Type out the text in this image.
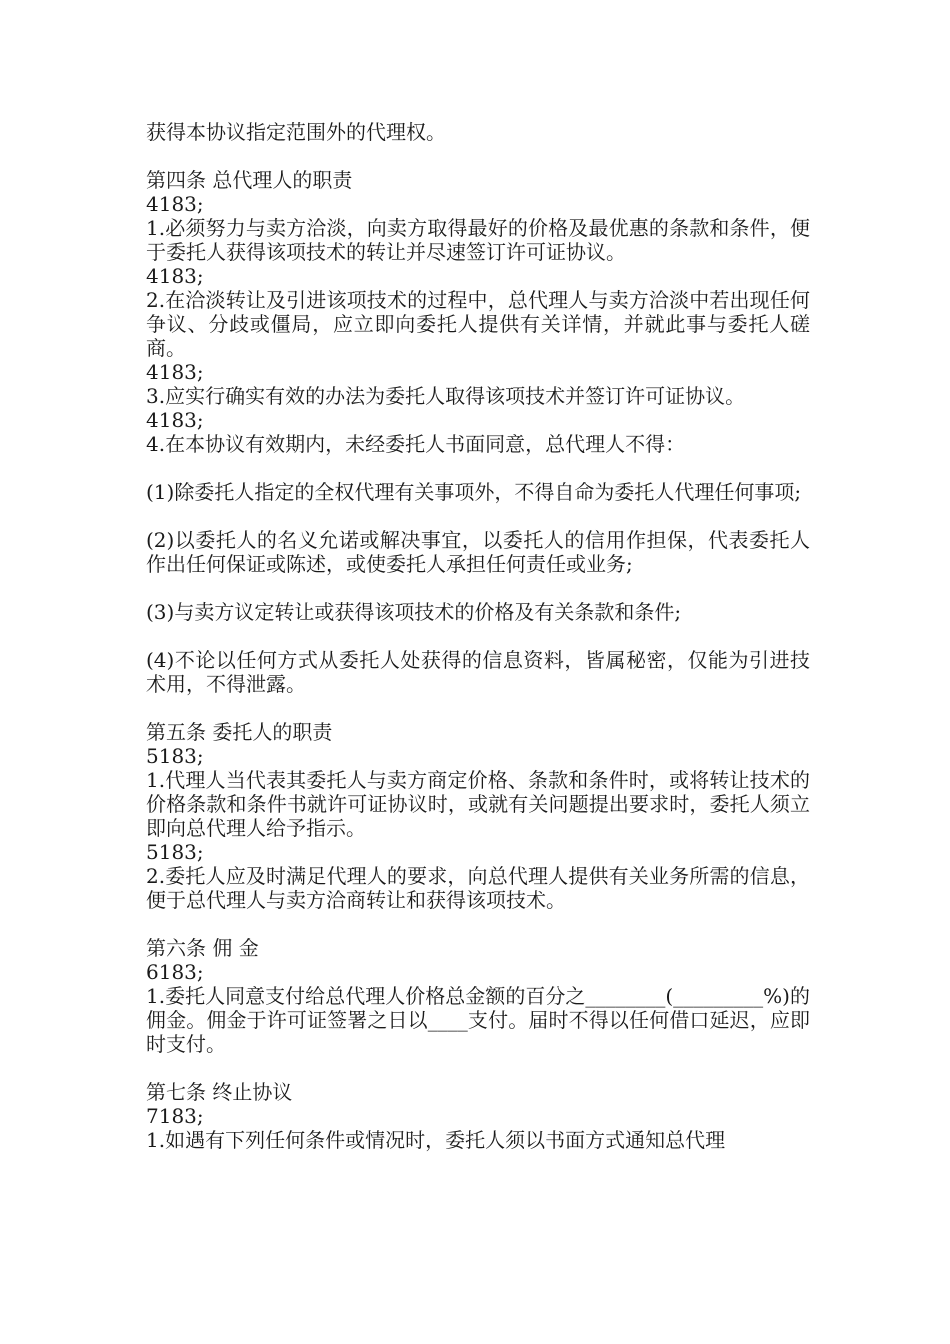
获得本协议指定范围外的代理权。

第四条 总代理人的职责

4183;

1.必须努力与卖方洽淡，向卖方取得最好的价格及最优惠的条款和条件，便于委托人获得该项技术的转让并尽速签订许可证协议。

4183;

2.在洽淡转让及引进该项技术的过程中，总代理人与卖方洽淡中若出现任何争议、分歧或僵局，应立即向委托人提供有关详情，并就此事与委托人磋商。

4183;

3.应实行确实有效的办法为委托人取得该项技术并签订许可证协议。

4183;

4.在本协议有效期内，未经委托人书面同意，总代理人不得：

(1)除委托人指定的全权代理有关事项外，不得自命为委托人代理任何事项;

(2)以委托人的名义允诺或解决事宜，以委托人的信用作担保，代表委托人作出任何保证或陈述，或使委托人承担任何责任或业务;

(3)与卖方议定转让或获得该项技术的价格及有关条款和条件;

(4)不论以任何方式从委托人处获得的信息资料，皆属秘密，仅能为引进技术用，不得泄露。

第五条 委托人的职责

5183;

1.代理人当代表其委托人与卖方商定价格、条款和条件时，或将转让技术的价格条款和条件书就许可证协议时，或就有关问题提出要求时，委托人须立即向总代理人给予指示。

5183;

2.委托人应及时满足代理人的要求，向总代理人提供有关业务所需的信息，便于总代理人与卖方洽商转让和获得该项技术。

第六条 佣 金

6183;

1.委托人同意支付给总代理人价格总金额的百分之________(_________%)的佣金。佣金于许可证签署之日以____支付。届时不得以任何借口延迟，应即时支付。

第七条 终止协议

7183;

1.如遇有下列任何条件或情况时，委托人须以书面方式通知总代理
